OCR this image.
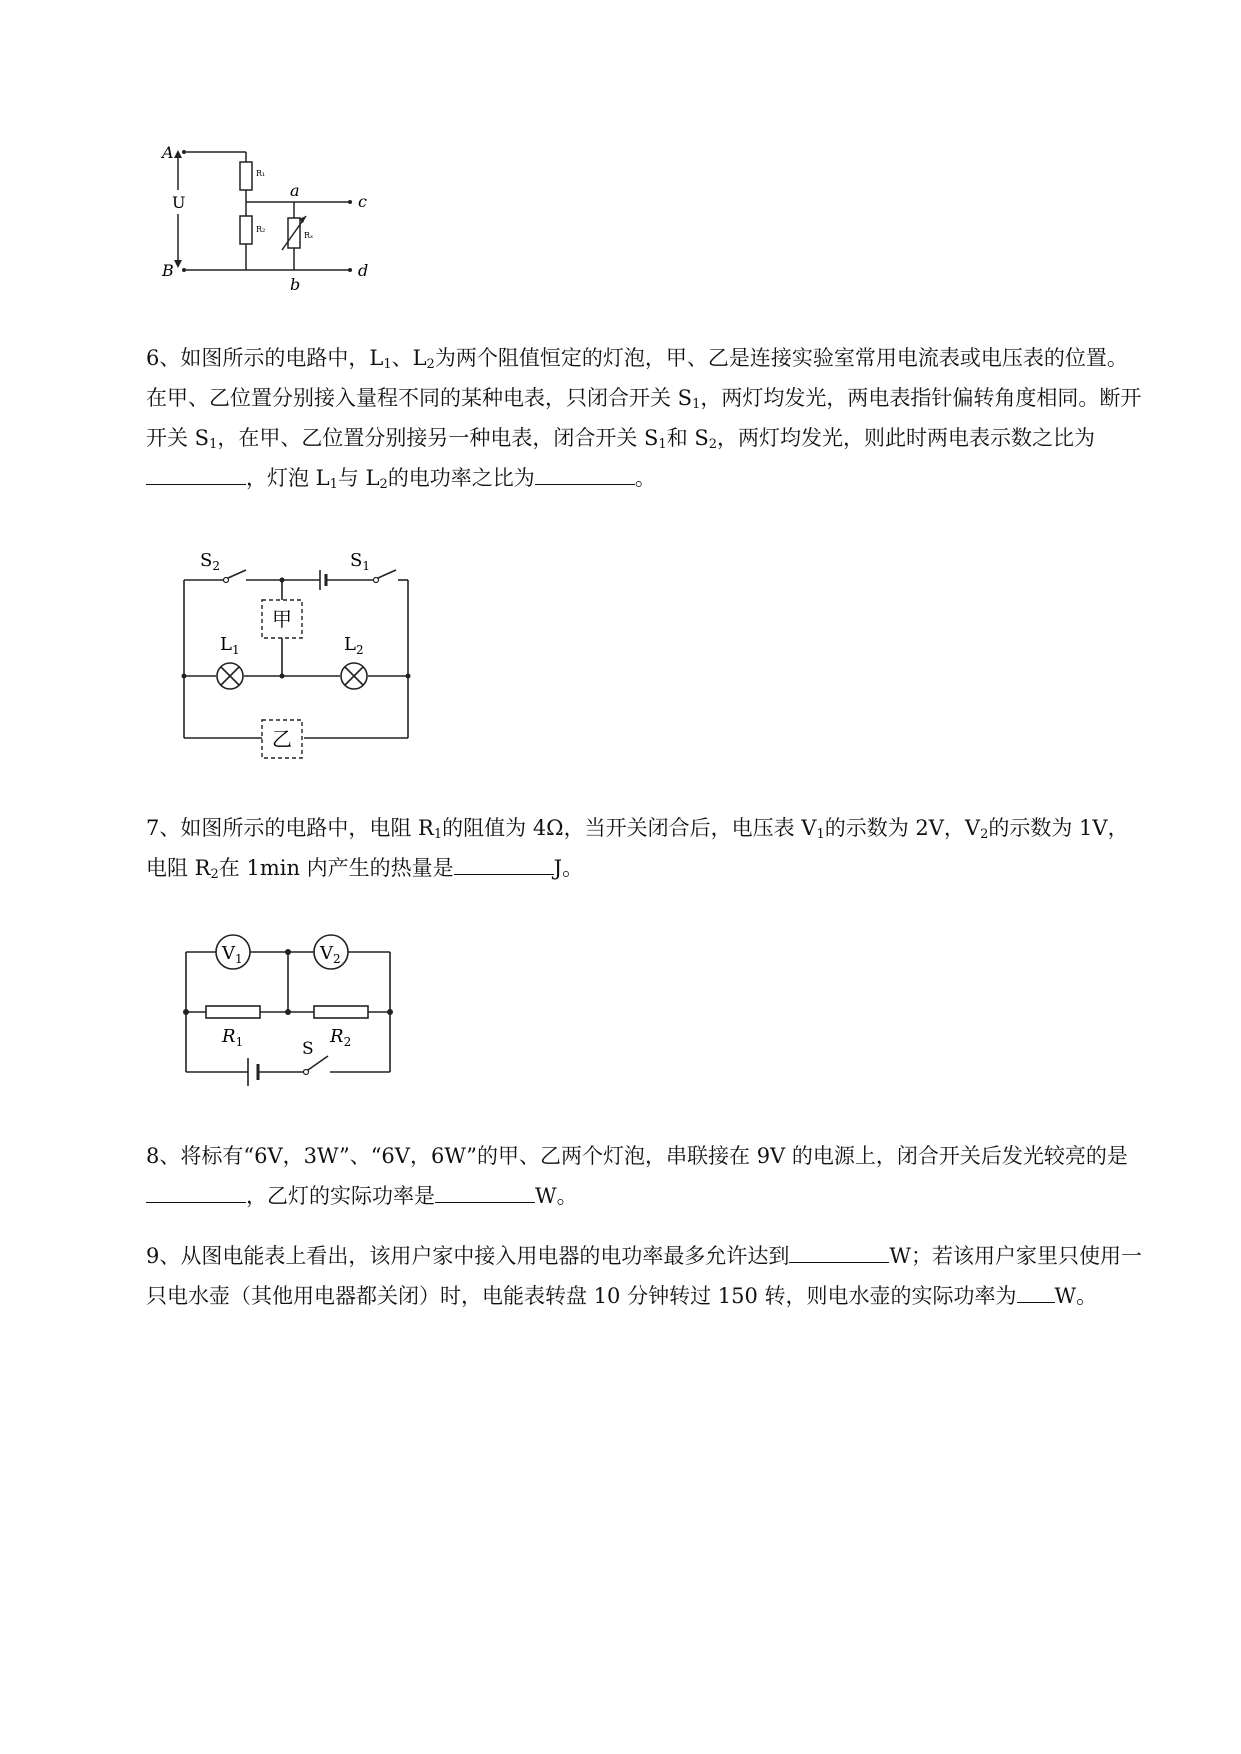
A
B
U
R₁
R₂
Rₓ
a
b
c
d

6、如图所示的电路中，$L_1$、$L_2$为两个阻值恒定的灯泡，甲、乙是连接实验室常用电流表或电压表的位置。在甲、乙位置分别接入量程不同的某种电表，只闭合开关 $S_1$，两灯均发光，两电表指针偏转角度相同。断开开关 $S_1$，在甲、乙位置分别接另一种电表，闭合开关 $S_1$和 $S_2$，两灯均发光，则此时两电表示数之比为，灯泡 $L_1$与 $L_2$的电功率之比为	。

$S_2$	$S_1$
$L_1$	$L_2$
甲
乙

7、如图所示的电路中，电阻 $R_1$的阻值为 4Ω，当开关闭合后，电压表 $V_1$的示数为 2V，$V_2$的示数为 1V，电阻 $R_2$在 1min 内产生的热量是	J。

$V_1$	$V_2$
$R_1$	$R_2$
S

8、将标有“6V，3W”、“6V，6W”的甲、乙两个灯泡，串联接在 9V 的电源上，闭合开关后发光较亮的是，乙灯的实际功率是	W。

9、从图电能表上看出，该用户家中接入用电器的电功率最多允许达到	W；若该用户家里只使用一只电水壶（其他用电器都关闭）时，电能表转盘 10 分钟转过 150 转，则电水壶的实际功率为 W。
